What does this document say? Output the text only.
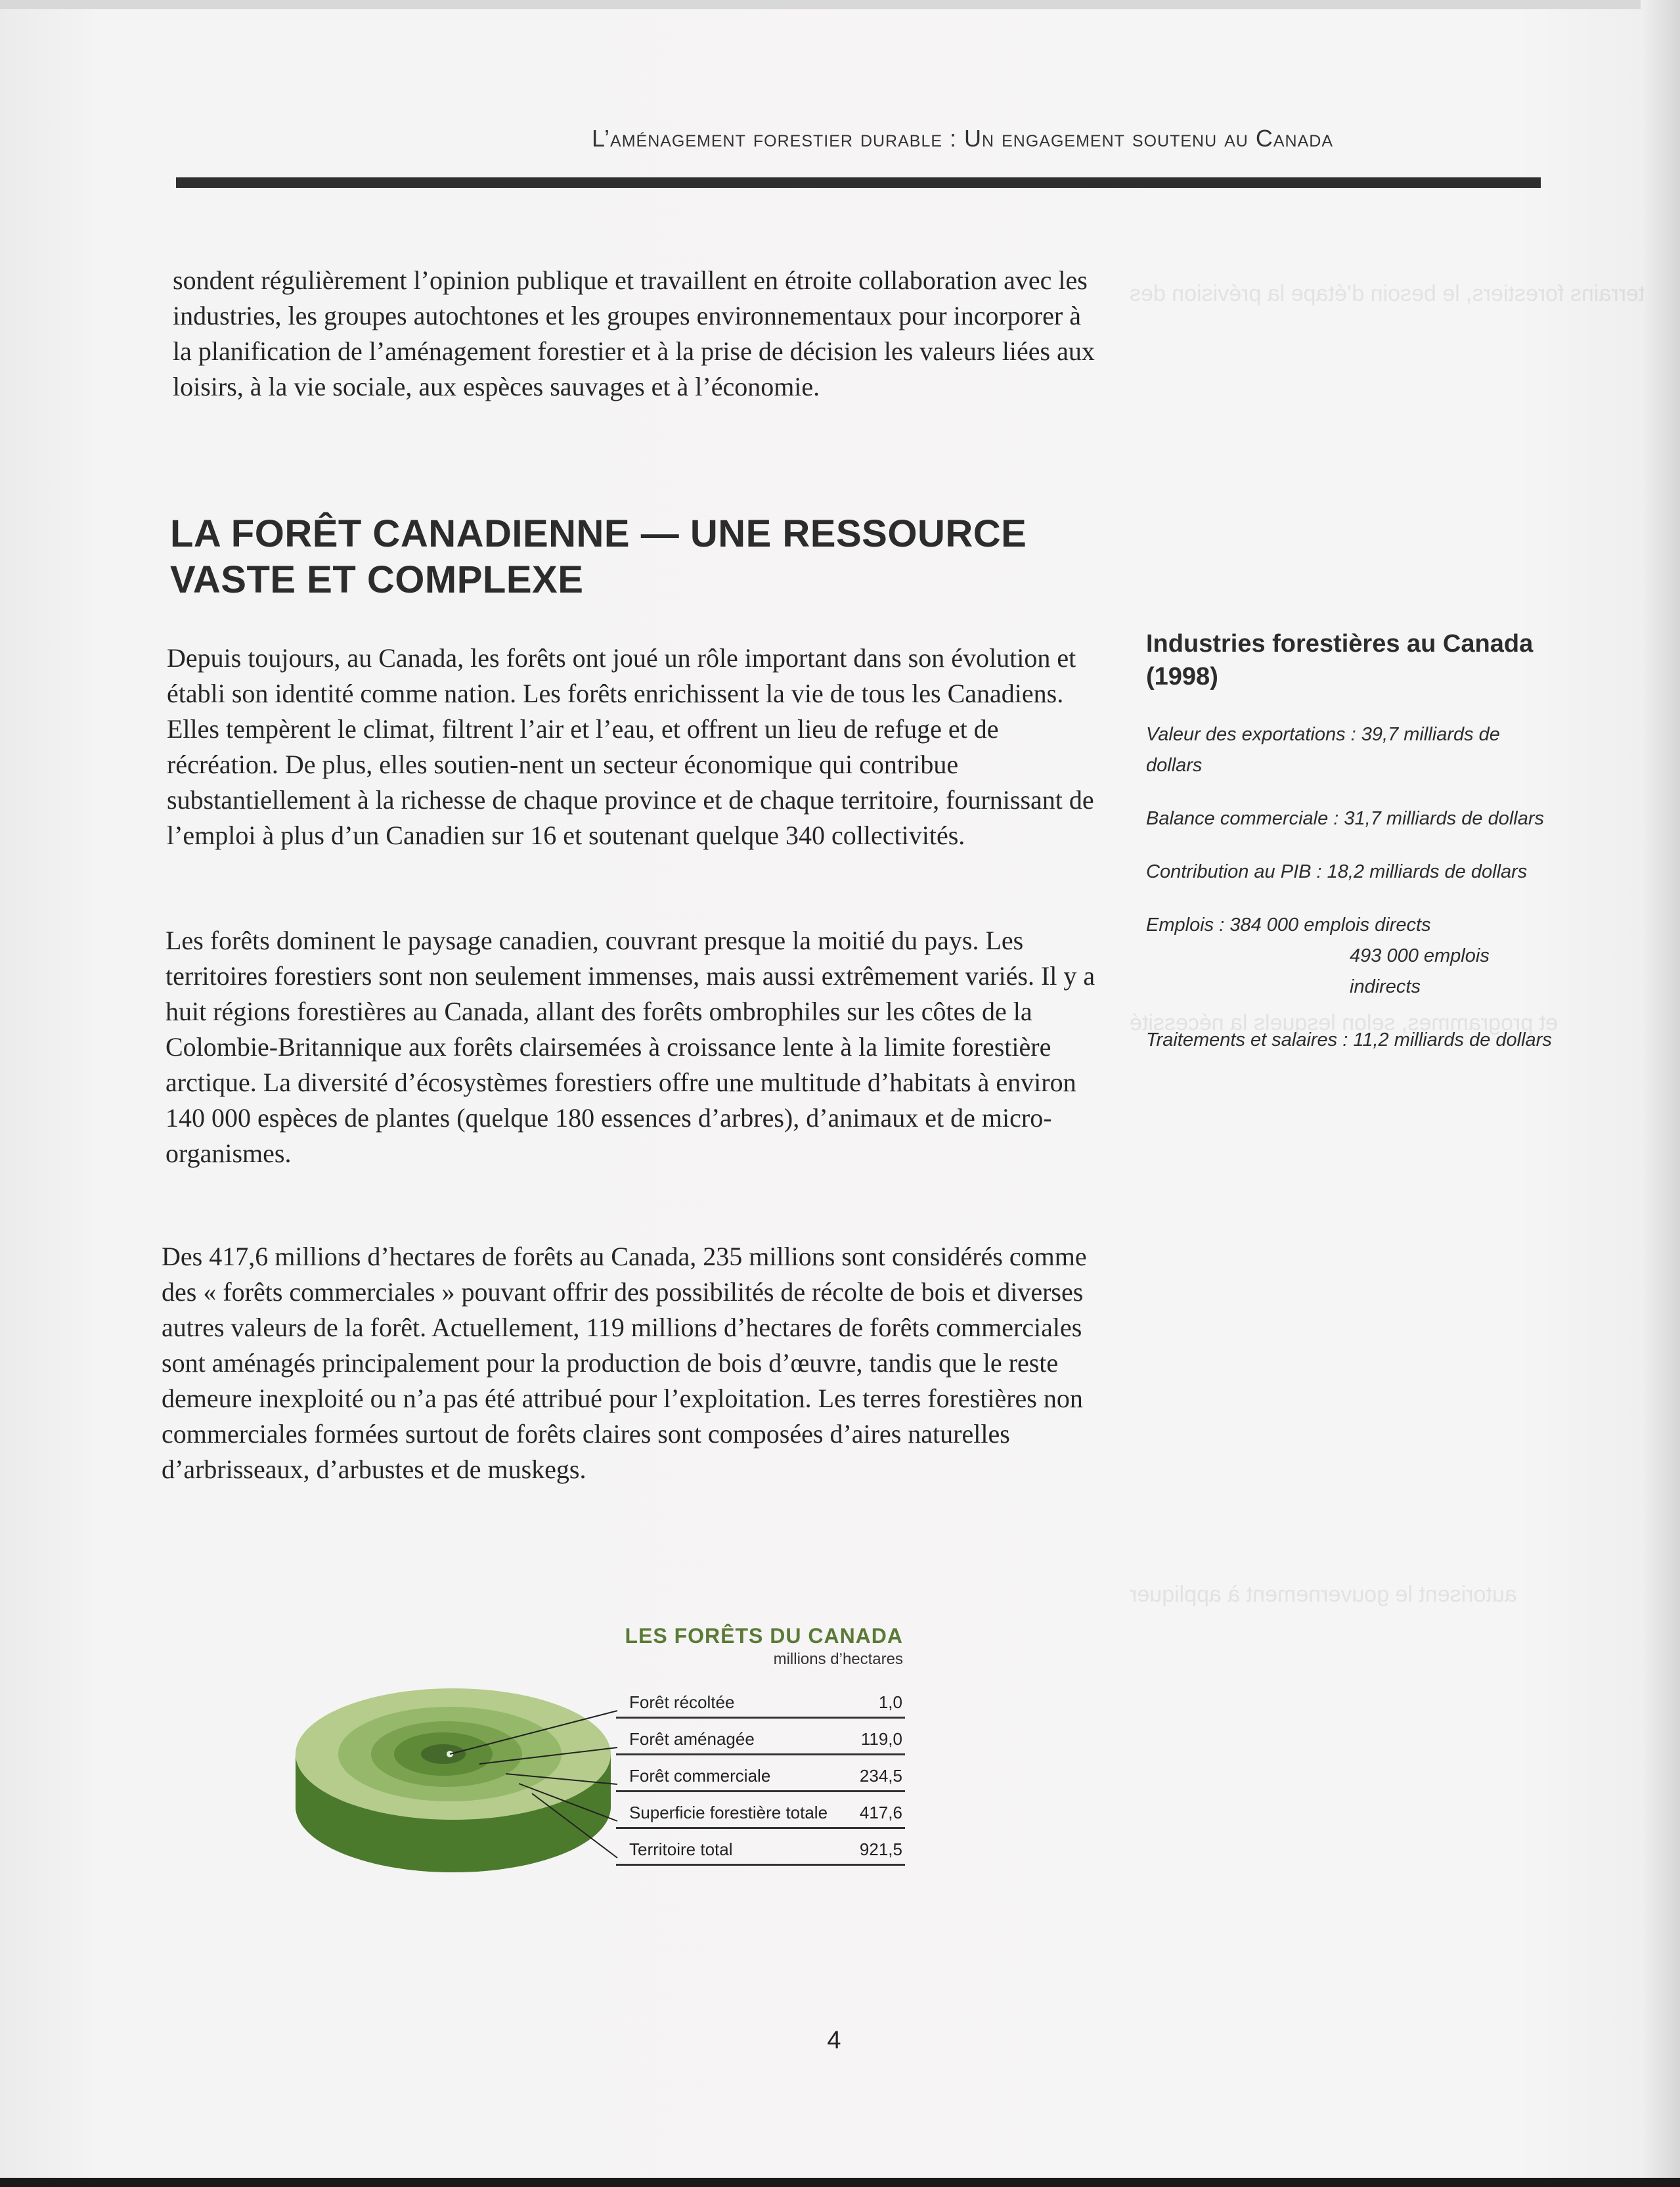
terrains forestiers, le besoin d’étape la prévision des
et programmes, selon lesquels la nécessité
autorisent le gouvernement à appliquer
L’aménagement forestier durable : Un engagement soutenu au Canada

sondent régulièrement l’opinion publique et travaillent en étroite collaboration avec les industries, les groupes autochtones et les groupes environnementaux pour incorporer à la planification de l’aménagement forestier et à la prise de décision les valeurs liées aux loisirs, à la vie sociale, aux espèces sauvages et à l’économie.

LA FORÊT CANADIENNE — UNE RESSOURCE VASTE ET COMPLEXE

Depuis toujours, au Canada, les forêts ont joué un rôle important dans son évolution et établi son identité comme nation. Les forêts enrichissent la vie de tous les Canadiens. Elles tempèrent le climat, filtrent l’air et l’eau, et offrent un lieu de refuge et de récréation. De plus, elles soutien-nent un secteur économique qui contribue substantiellement à la richesse de chaque province et de chaque territoire, fournissant de l’emploi à plus d’un Canadien sur 16 et soutenant quelque 340 collectivités.

Les forêts dominent le paysage canadien, couvrant presque la moitié du pays. Les territoires forestiers sont non seulement immenses, mais aussi extrêmement variés. Il y a huit régions forestières au Canada, allant des forêts ombrophiles sur les côtes de la Colombie-Britannique aux forêts clairsemées à croissance lente à la limite forestière arctique. La diversité d’écosystèmes forestiers offre une multitude d’habitats à environ 140 000 espèces de plantes (quelque 180 essences d’arbres), d’animaux et de micro-organismes.

Des 417,6 millions d’hectares de forêts au Canada, 235 millions sont considérés comme des « forêts commerciales » pouvant offrir des possibilités de récolte de bois et diverses autres valeurs de la forêt. Actuellement, 119 millions d’hectares de forêts commerciales sont aménagés principalement pour la production de bois d’œuvre, tandis que le reste demeure inexploité ou n’a pas été attribué pour l’exploitation. Les terres forestières non commerciales formées surtout de forêts claires sont composées d’aires naturelles d’arbrisseaux, d’arbustes et de muskegs.

Industries forestières au Canada (1998)
Valeur des exportations : 39,7 milliards de dollars
Balance commerciale : 31,7 milliards de dollars
Contribution au PIB : 18,2 milliards de dollars
Emplois : 384 000 emplois directs
493 000 emplois indirects
Traitements et salaires : 11,2 milliards de dollars
LES FORÊTS DU CANADA
millions d’hectares
Forêt récoltée	1,0
Forêt aménagée	119,0
Forêt commerciale	234,5
Superficie forestière totale 417,6
Territoire total	921,5
4
